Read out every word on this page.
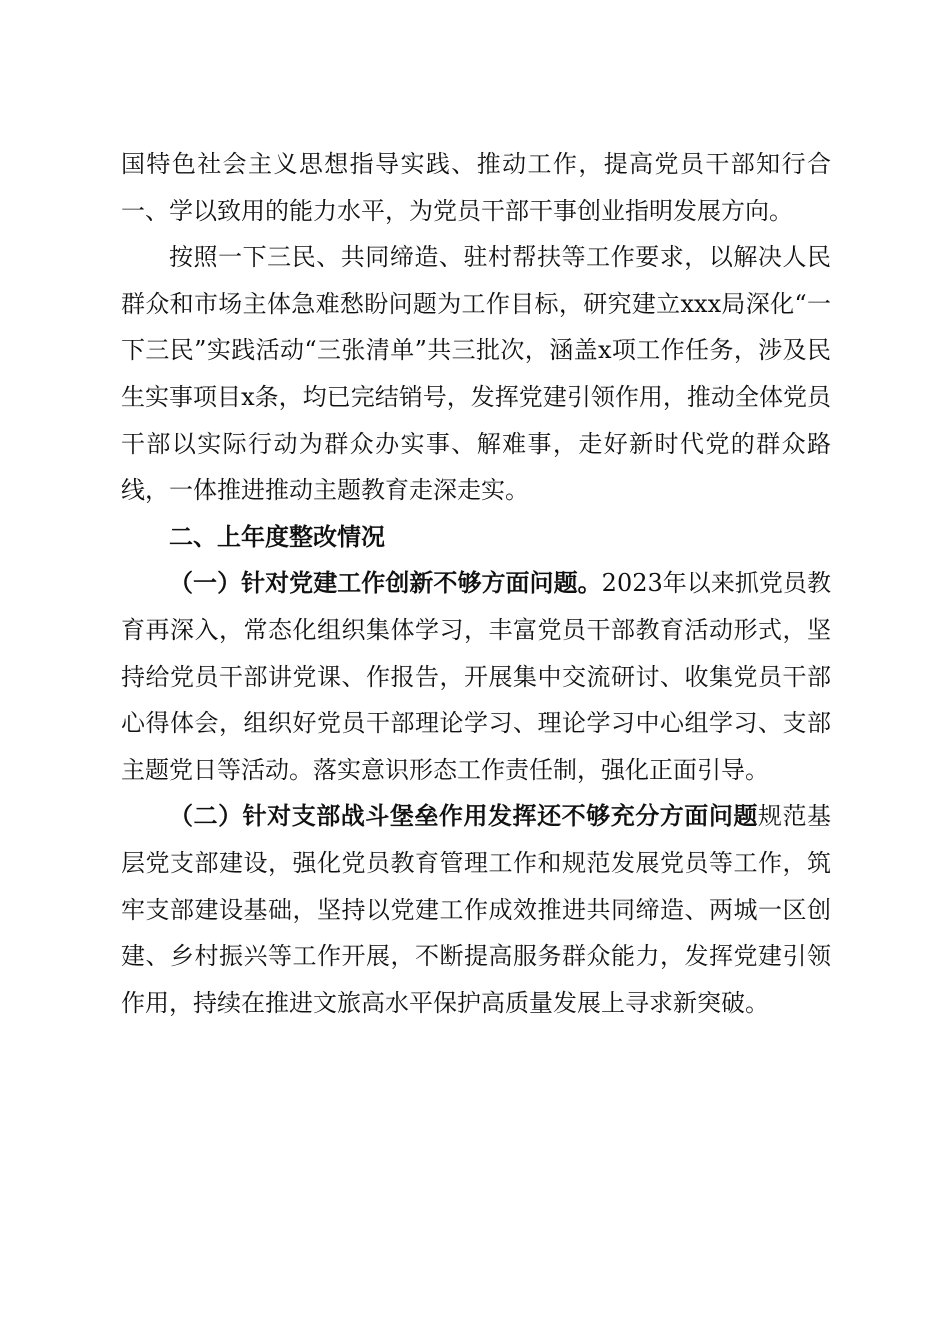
国特色社会主义思想指导实践、推动工作，提高党员干部知行合一、学以致用的能力水平，为党员干部干事创业指明发展方向。

按照一下三民、共同缔造、驻村帮扶等工作要求，以解决人民群众和市场主体急难愁盼问题为工作目标，研究建立xxx局深化“一下三民”实践活动“三张清单”共三批次，涵盖x项工作任务，涉及民生实事项目x条，均已完结销号，发挥党建引领作用，推动全体党员干部以实际行动为群众办实事、解难事，走好新时代党的群众路线，一体推进推动主题教育走深走实。

二、上年度整改情况

（一）针对党建工作创新不够方面问题。2023年以来抓党员教育再深入，常态化组织集体学习，丰富党员干部教育活动形式，坚持给党员干部讲党课、作报告，开展集中交流研讨、收集党员干部心得体会，组织好党员干部理论学习、理论学习中心组学习、支部主题党日等活动。落实意识形态工作责任制，强化正面引导。

（二）针对支部战斗堡垒作用发挥还不够充分方面问题规范基层党支部建设，强化党员教育管理工作和规范发展党员等工作，筑牢支部建设基础，坚持以党建工作成效推进共同缔造、两城一区创建、乡村振兴等工作开展，不断提高服务群众能力，发挥党建引领作用，持续在推进文旅高水平保护高质量发展上寻求新突破。
